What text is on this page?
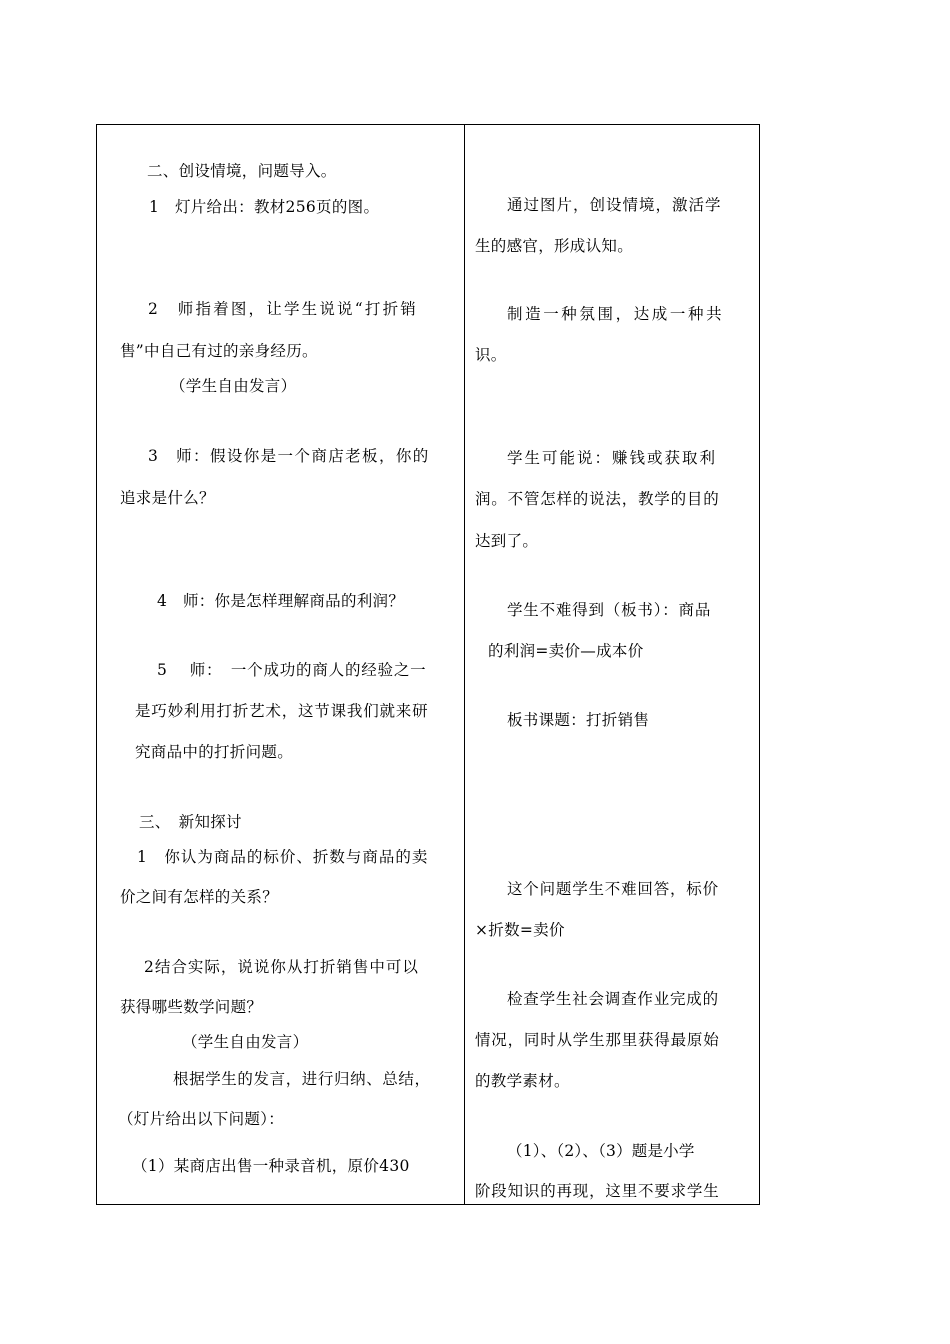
二、创设情境，问题导入。
1　灯片给出：教材256页的图。
2　师指着图，让学生说说“打折销
售”中自己有过的亲身经历。
（学生自由发言）
3　师：假设你是一个商店老板，你的
追求是什么？
4　师：你是怎样理解商品的利润？
5　 师：　一个成功的商人的经验之一
是巧妙利用打折艺术，这节课我们就来研
究商品中的打折问题。
三、　新知探讨
1　你认为商品的标价、折数与商品的卖
价之间有怎样的关系？
2结合实际，说说你从打折销售中可以
获得哪些数学问题？
（学生自由发言）
根据学生的发言，进行归纳、总结，
（灯片给出以下问题）：
（1）某商店出售一种录音机，原价430
通过图片，创设情境，激活学
生的感官，形成认知。
制造一种氛围，达成一种共
识。
学生可能说：赚钱或获取利
润。不管怎样的说法，教学的目的
达到了。
学生不难得到（板书）：商品
的利润=卖价—成本价
板书课题：打折销售
这个问题学生不难回答，标价
×折数=卖价
检查学生社会调查作业完成的
情况，同时从学生那里获得最原始
的教学素材。
（1）、（2）、（3）题是小学
阶段知识的再现，这里不要求学生
